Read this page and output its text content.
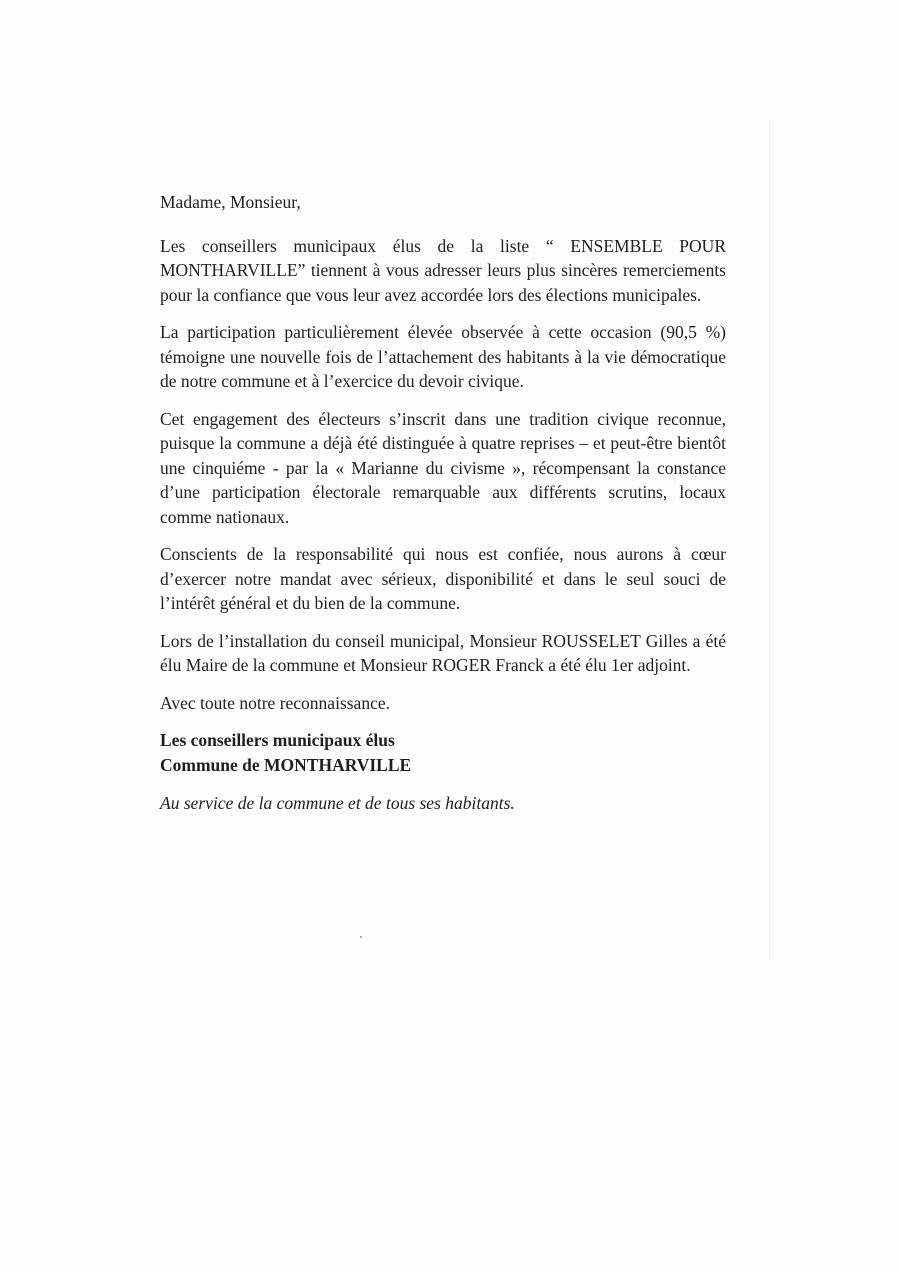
Madame, Monsieur,

Les conseillers municipaux élus de la liste “ ENSEMBLE POUR MONTHARVILLE” tiennent à vous adresser leurs plus sincères remerciements pour la confiance que vous leur avez accordée lors des élections municipales.

La participation particulièrement élevée observée à cette occasion (90,5 %) témoigne une nouvelle fois de l’attachement des habitants à la vie démocratique de notre commune et à l’exercice du devoir civique.

Cet engagement des électeurs s’inscrit dans une tradition civique reconnue, puisque la commune a déjà été distinguée à quatre reprises – et peut-être bientôt une cinquiéme - par la « Marianne du civisme », récompensant la constance d’une participation électorale remarquable aux différents scrutins, locaux comme nationaux.

Conscients de la responsabilité qui nous est confiée, nous aurons à cœur d’exercer notre mandat avec sérieux, disponibilité et dans le seul souci de l’intérêt général et du bien de la commune.

Lors de l’installation du conseil municipal, Monsieur ROUSSELET Gilles a été élu Maire de la commune et Monsieur ROGER Franck a été élu 1er adjoint.

Avec toute notre reconnaissance.

Les conseillers municipaux élus
Commune de MONTHARVILLE

Au service de la commune et de tous ses habitants.
